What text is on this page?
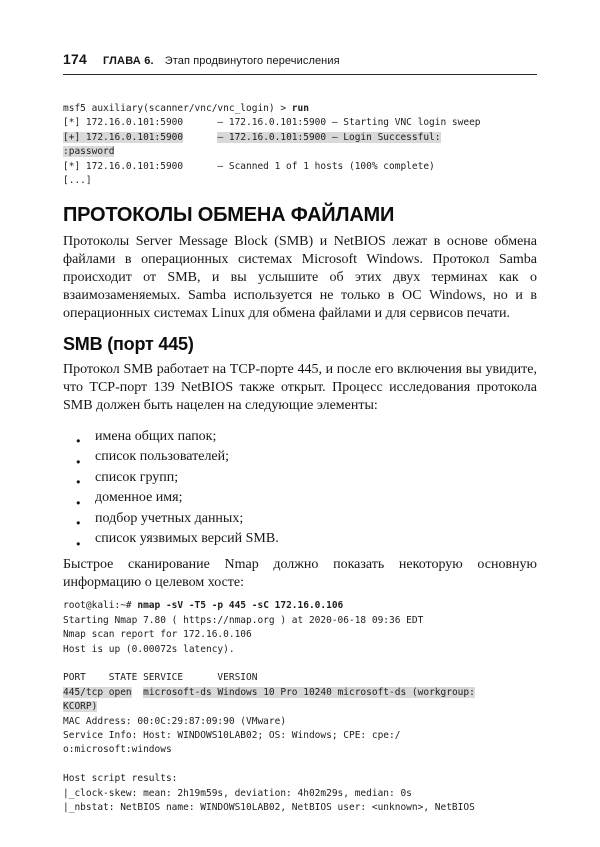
174 ГЛАВА 6. Этап продвинутого перечисления
msf5 auxiliary(scanner/vnc/vnc_login) > run
[*] 172.16.0.101:5900      – 172.16.0.101:5900 – Starting VNC login sweep
[+] 172.16.0.101:5900	– 172.16.0.101:5900 – Login Successful:
:password
[*] 172.16.0.101:5900      – Scanned 1 of 1 hosts (100% complete)
[...]
ПРОТОКОЛЫ ОБМЕНА ФАЙЛАМИ

Протоколы Server Message Block (SMB) и NetBIOS лежат в основе обмена файлами в операционных системах Microsoft Windows. Протокол Samba происходит от SMB, и вы услышите об этих двух терминах как о взаимозаменяемых. Samba используется не только в ОС Windows, но и в операционных системах Linux для обмена файлами и для сервисов печати.

SMB (порт 445)

Протокол SMB работает на TCP-порте 445, и после его включения вы увидите, что TCP-порт 139 NetBIOS также открыт. Процесс исследования протокола SMB должен быть нацелен на следующие элементы:

● имена общих папок;
● список пользователей;
● список групп;
● доменное имя;
● подбор учетных данных;
● список уязвимых версий SMB.

Быстрое сканирование Nmap должно показать некоторую основную информацию о целевом хосте:

root@kali:~# nmap -sV -T5 -p 445 -sC 172.16.0.106
Starting Nmap 7.80 ( https://nmap.org ) at 2020-06-18 09:36 EDT
Nmap scan report for 172.16.0.106
Host is up (0.00072s latency).

PORT    STATE SERVICE      VERSION
445/tcp open microsoft-ds Windows 10 Pro 10240 microsoft-ds (workgroup:
KCORP)
MAC Address: 00:0C:29:87:09:90 (VMware)
Service Info: Host: WINDOWS10LAB02; OS: Windows; CPE: cpe:/
o:microsoft:windows

Host script results:
|_clock-skew: mean: 2h19m59s, deviation: 4h02m29s, median: 0s
|_nbstat: NetBIOS name: WINDOWS10LAB02, NetBIOS user: <unknown>, NetBIOS
